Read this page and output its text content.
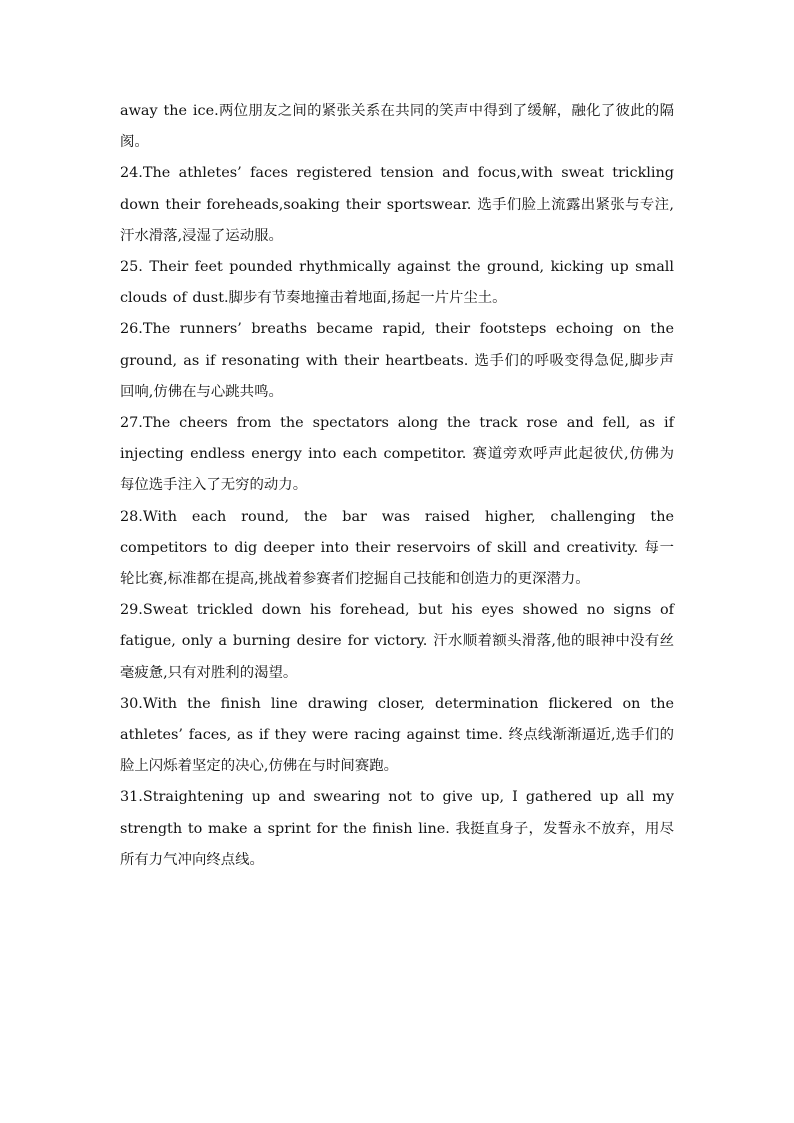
away the ice.两位朋友之间的紧张关系在共同的笑声中得到了缓解，融化了彼此的隔阂。

24.The athletes’ faces registered tension and focus,with sweat trickling down their foreheads,soaking their sportswear. 选手们脸上流露出紧张与专注,汗水滑落,浸湿了运动服。

25. Their feet pounded rhythmically against the ground, kicking up small clouds of dust.脚步有节奏地撞击着地面,扬起一片片尘土。

26.The runners’ breaths became rapid, their footsteps echoing on the ground, as if resonating with their heartbeats. 选手们的呼吸变得急促,脚步声回响,仿佛在与心跳共鸣。

27.The cheers from the spectators along the track rose and fell, as if injecting endless energy into each competitor. 赛道旁欢呼声此起彼伏,仿佛为每位选手注入了无穷的动力。

28.With each round, the bar was raised higher, challenging the competitors to dig deeper into their reservoirs of skill and creativity. 每一轮比赛,标准都在提高,挑战着参赛者们挖掘自己技能和创造力的更深潜力。

29.Sweat trickled down his forehead, but his eyes showed no signs of fatigue, only a burning desire for victory. 汗水顺着额头滑落,他的眼神中没有丝毫疲惫,只有对胜利的渴望。

30.With the finish line drawing closer, determination flickered on the athletes’ faces, as if they were racing against time. 终点线渐渐逼近,选手们的脸上闪烁着坚定的决心,仿佛在与时间赛跑。

31.Straightening up and swearing not to give up, I gathered up all my strength to make a sprint for the finish line. 我挺直身子，发誓永不放弃，用尽所有力气冲向终点线。
